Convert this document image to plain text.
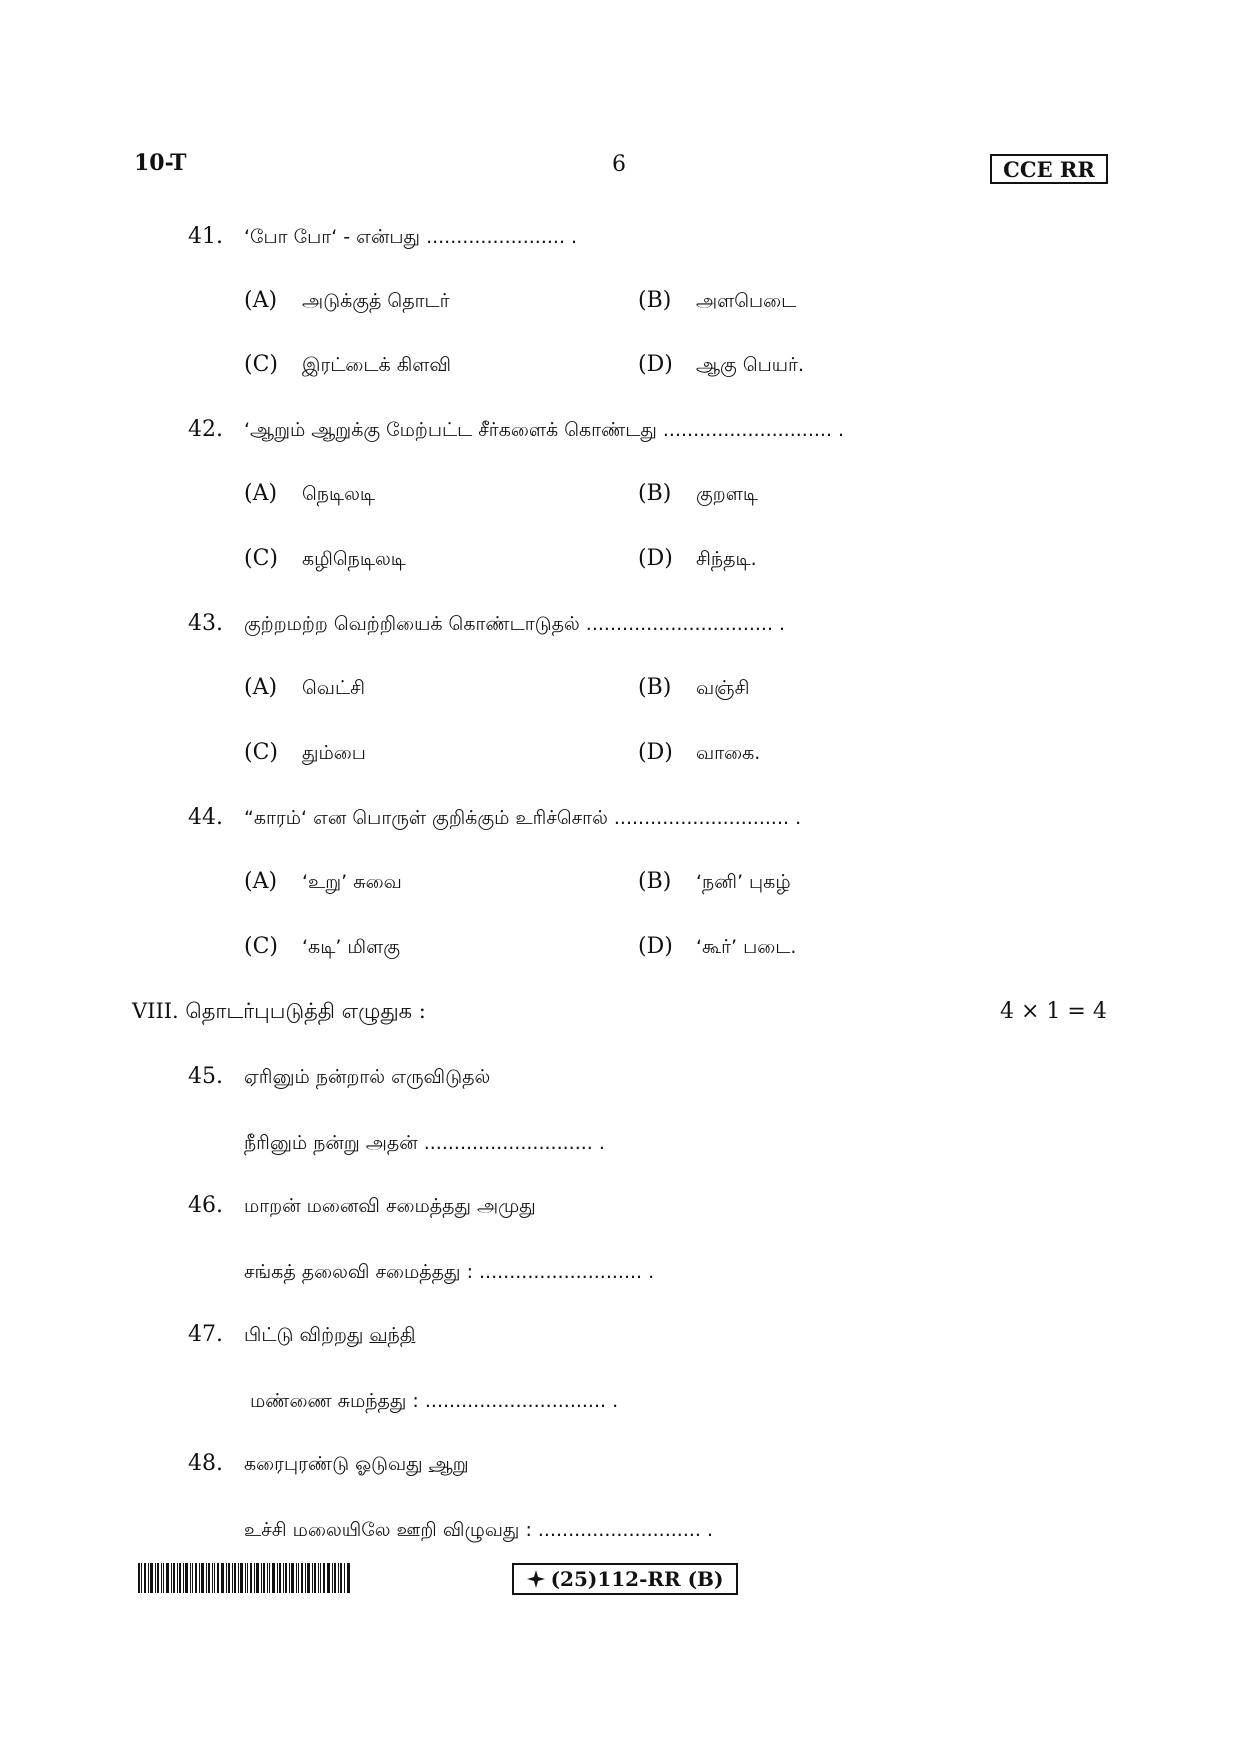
10-T	6	CCE RR
41.	‘போ போ‘ - என்பது ....................... .
(A)	அடுக்குத் தொடர்	(B)	அளபெடை
(C)	இரட்டைக் கிளவி	(D)	ஆகு பெயர்.
42.	‘ஆறும் ஆறுக்கு மேற்பட்ட சீர்களைக் கொண்டது ............................ .
(A)	நெடிலடி	(B)	குறளடி
(C)	கழிநெடிலடி	(D)	சிந்தடி.
43.	குற்றமற்ற வெற்றியைக் கொண்டாடுதல் ............................... .
(A)	வெட்சி	(B)	வஞ்சி
(C)	தும்பை	(D)	வாகை.
44.	“காரம்‘ என பொருள் குறிக்கும் உரிச்சொல் ............................. .
(A)	‘உறு’ சுவை	(B)	‘நனி’ புகழ்
(C)	‘கடி’ மிளகு	(D)	‘கூர்’ படை.
VIII. தொடர்புபடுத்தி எழுதுக :	4 × 1 = 4
45.	ஏரினும் நன்றால் எருவிடுதல்
நீரினும் நன்று அதன் ............................ .
46.	மாறன் மனைவி சமைத்தது அமுது
சங்கத் தலைவி சமைத்தது : ........................... .
47.	பிட்டு விற்றது வந்தி
மண்ணை சுமந்தது : .............................. .
48.	கரைபுரண்டு ஓடுவது ஆறு
உச்சி மலையிலே ஊறி விழுவது : ........................... .
(25)112-RR (B)
